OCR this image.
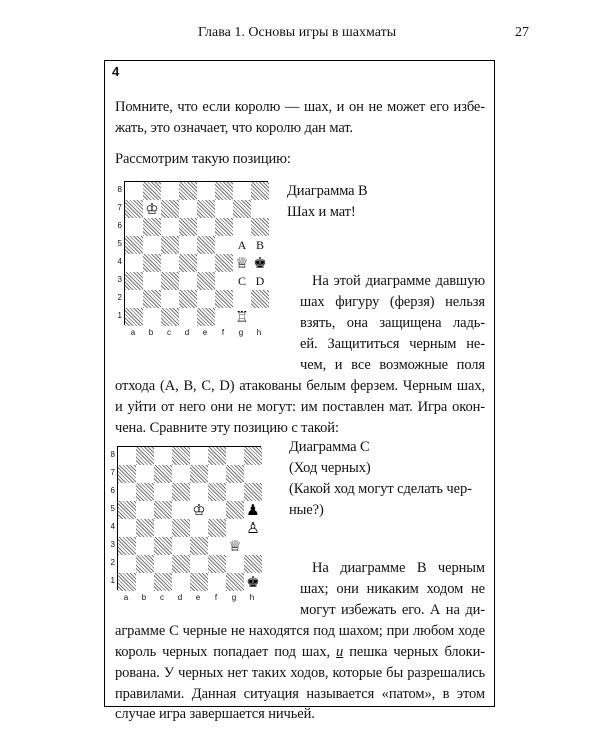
Глава 1. Основы игры в шахматы	27
4
Помните, что если королю — шах, и он не может его избе-
жать, это означает, что королю дан мат.
Рассмотрим такую позицию:
A B
C D
♔
♕ ♚
♖
Диаграмма B
Шах и мат!
На этой диаграмме давшую
шах фигуру (ферзя) нельзя
взять, она защищена ладь-
ей. Защититься черным не-
чем, и все возможные поля
отхода (A, B, C, D) атакованы белым ферзем. Черным шах,
и уйти от него они не могут: им поставлен мат. Игра окон-
чена. Сравните эту позицию с такой:
♔	♟
♙
♕
♚
Диаграмма C
(Ход черных)
(Какой ход могут сделать чер-
ные?)
На диаграмме B черным
шах; они никаким ходом не
могут избежать его. А на ди-
аграмме C черные не находятся под шахом; при любом ходе
король черных попадает под шах, и пешка черных блоки-
рована. У черных нет таких ходов, которые бы разрешались
правилами. Данная ситуация называется «патом», в этом
случае игра завершается ничьей.
8
7
6
5
4
3
2
1
a	b	c	d	e	f	g	h
8
7
6
5
4
3
2
1
a	b	c	d	e	f	g	h
